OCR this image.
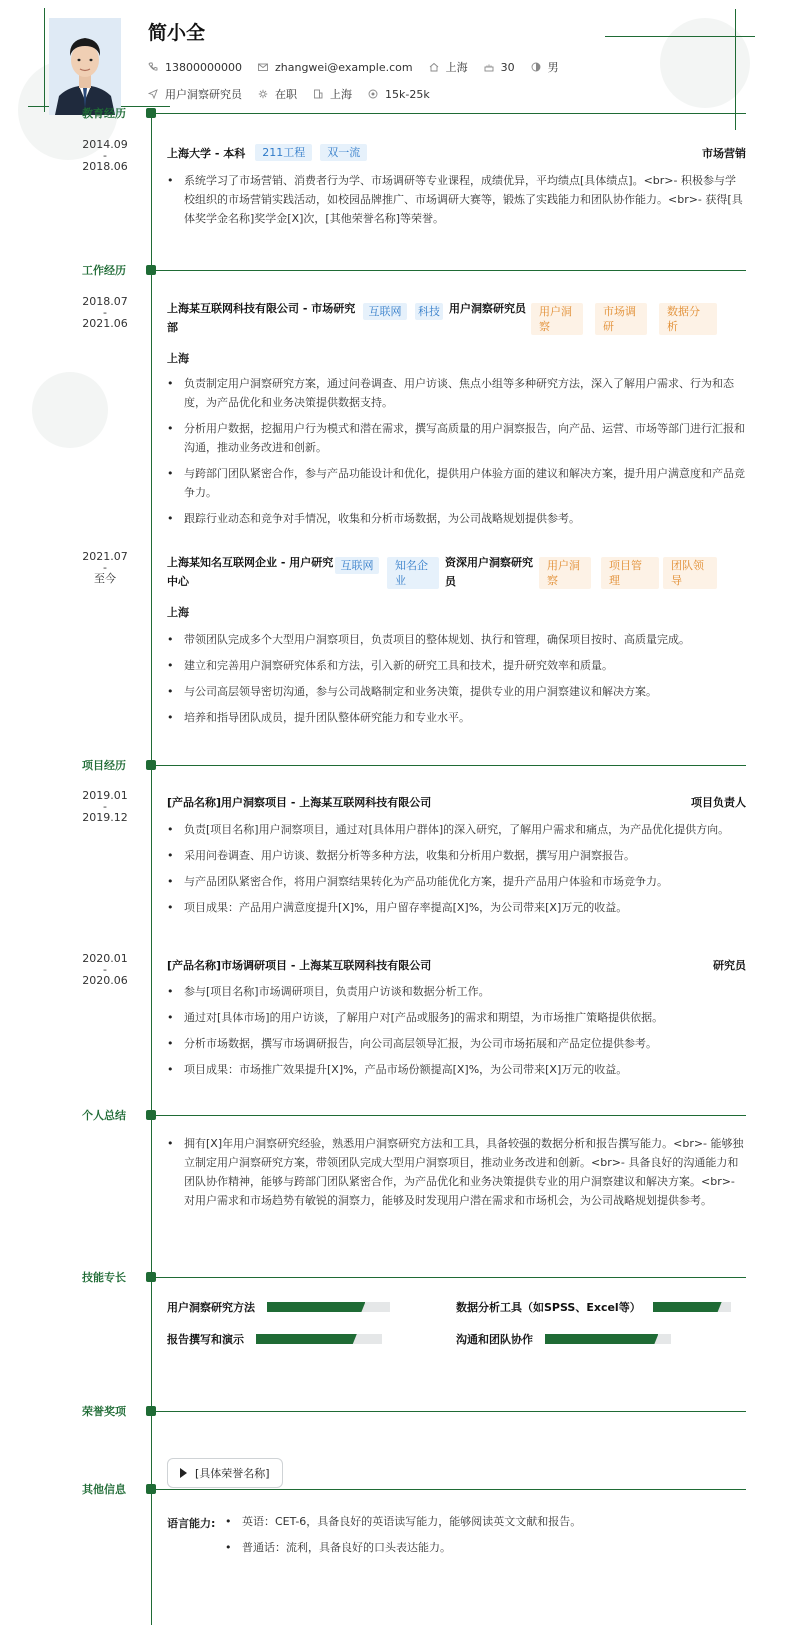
简小全
13800000000	zhangwei@example.com	上海	30	男
用户洞察研究员	在职	上海	15k-25k
教育经历
2014.09
-
2018.06
上海大学 - 本科	211工程	双一流	市场营销
• 系统学习了市场营销、消费者行为学、市场调研等专业课程，成绩优异，平均绩点[具体绩点]。<br>- 积极参与学校组织的市场营销实践活动，如校园品牌推广、市场调研大赛等，锻炼了实践能力和团队协作能力。<br>- 获得[具体奖学金名称]奖学金[X]次，[其他荣誉名称]等荣誉。
工作经历
2018.07
-
2021.06
上海某互联网科技有限公司 - 市场研究部
互联网	科技 用户洞察研究员	用户洞察
市场调研
数据分析
上海
• 负责制定用户洞察研究方案，通过问卷调查、用户访谈、焦点小组等多种研究方法，深入了解用户需求、行为和态度，为产品优化和业务决策提供数据支持。
• 分析用户数据，挖掘用户行为模式和潜在需求，撰写高质量的用户洞察报告，向产品、运营、市场等部门进行汇报和沟通，推动业务改进和创新。
• 与跨部门团队紧密合作，参与产品功能设计和优化，提供用户体验方面的建议和解决方案，提升用户满意度和产品竞争力。
• 跟踪行业动态和竞争对手情况，收集和分析市场数据，为公司战略规划提供参考。
2021.07
-
至今
上海某知名互联网企业 - 用户研究中心
互联网	知名企业
资深用户洞察研究员
用户洞察
项目管理
团队领导
上海
• 带领团队完成多个大型用户洞察项目，负责项目的整体规划、执行和管理，确保项目按时、高质量完成。
• 建立和完善用户洞察研究体系和方法，引入新的研究工具和技术，提升研究效率和质量。
• 与公司高层领导密切沟通，参与公司战略制定和业务决策，提供专业的用户洞察建议和解决方案。
• 培养和指导团队成员，提升团队整体研究能力和专业水平。
项目经历
2019.01
-
2019.12
[产品名称]用户洞察项目 - 上海某互联网科技有限公司	项目负责人
• 负责[项目名称]用户洞察项目，通过对[具体用户群体]的深入研究，了解用户需求和痛点，为产品优化提供方向。
• 采用问卷调查、用户访谈、数据分析等多种方法，收集和分析用户数据，撰写用户洞察报告。
• 与产品团队紧密合作，将用户洞察结果转化为产品功能优化方案，提升产品用户体验和市场竞争力。
• 项目成果：产品用户满意度提升[X]%，用户留存率提高[X]%，为公司带来[X]万元的收益。
2020.01
-
2020.06
[产品名称]市场调研项目 - 上海某互联网科技有限公司	研究员
• 参与[项目名称]市场调研项目，负责用户访谈和数据分析工作。
• 通过对[具体市场]的用户访谈，了解用户对[产品或服务]的需求和期望，为市场推广策略提供依据。
• 分析市场数据，撰写市场调研报告，向公司高层领导汇报，为公司市场拓展和产品定位提供参考。
• 项目成果：市场推广效果提升[X]%，产品市场份额提高[X]%，为公司带来[X]万元的收益。
个人总结
• 拥有[X]年用户洞察研究经验，熟悉用户洞察研究方法和工具，具备较强的数据分析和报告撰写能力。<br>- 能够独立制定用户洞察研究方案，带领团队完成大型用户洞察项目，推动业务改进和创新。<br>- 具备良好的沟通能力和团队协作精神，能够与跨部门团队紧密合作，为产品优化和业务决策提供专业的用户洞察建议和解决方案。<br>- 对用户需求和市场趋势有敏锐的洞察力，能够及时发现用户潜在需求和市场机会，为公司战略规划提供参考。
技能专长
用户洞察研究方法	数据分析工具（如SPSS、Excel等）
报告撰写和演示	沟通和团队协作
荣誉奖项
[具体荣誉名称]
其他信息
语言能力:
•	英语：CET-6，具备良好的英语读写能力，能够阅读英文文献和报告。
• 普通话：流利，具备良好的口头表达能力。
